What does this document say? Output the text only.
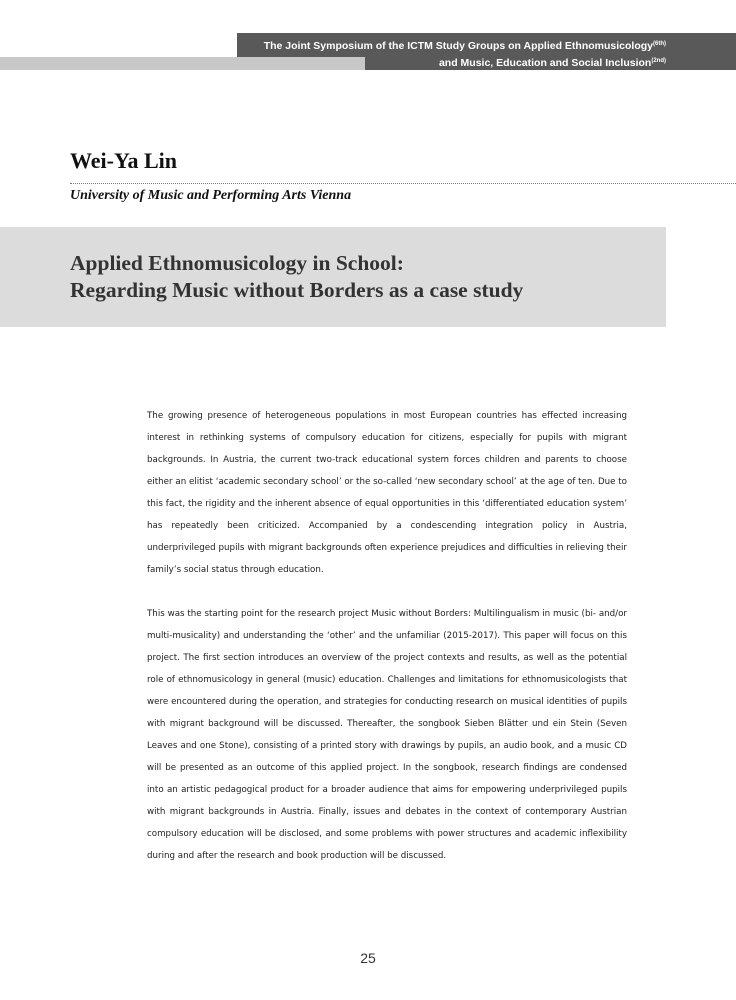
The Joint Symposium of the ICTM Study Groups on Applied Ethnomusicology$^{(6th)}$
and Music, Education and Social Inclusion$^{(2nd)}$
Wei-Ya Lin
University of Music and Performing Arts Vienna
Applied Ethnomusicology in School:
Regarding Music without Borders as a case study

The growing presence of heterogeneous populations in most European countries has effected increasing interest in rethinking systems of compulsory education for citizens, especially for pupils with migrant backgrounds. In Austria, the current two-track educational system forces children and parents to choose either an elitist ‘academic secondary school’ or the so-called ‘new secondary school’ at the age of ten. Due to this fact, the rigidity and the inherent absence of equal opportunities in this ‘differentiated education system’ has repeatedly been criticized. Accompanied by a condescending integration policy in Austria, underprivileged pupils with migrant backgrounds often experience prejudices and difficulties in relieving their family’s social status through education.

This was the starting point for the research project Music without Borders: Multilingualism in music (bi- and/or multi-musicality) and understanding the ‘other’ and the unfamiliar (2015-2017). This paper will focus on this project. The first section introduces an overview of the project contexts and results, as well as the potential role of ethnomusicology in general (music) education. Challenges and limitations for ethnomusicologists that were encountered during the operation, and strategies for conducting research on musical identities of pupils with migrant background will be discussed. Thereafter, the songbook Sieben Blätter und ein Stein (Seven Leaves and one Stone), consisting of a printed story with drawings by pupils, an audio book, and a music CD will be presented as an outcome of this applied project. In the songbook, research findings are condensed into an artistic pedagogical product for a broader audience that aims for empowering underprivileged pupils with migrant backgrounds in Austria. Finally, issues and debates in the context of contemporary Austrian compulsory education will be disclosed, and some problems with power structures and academic inflexibility during and after the research and book production will be discussed.

25
